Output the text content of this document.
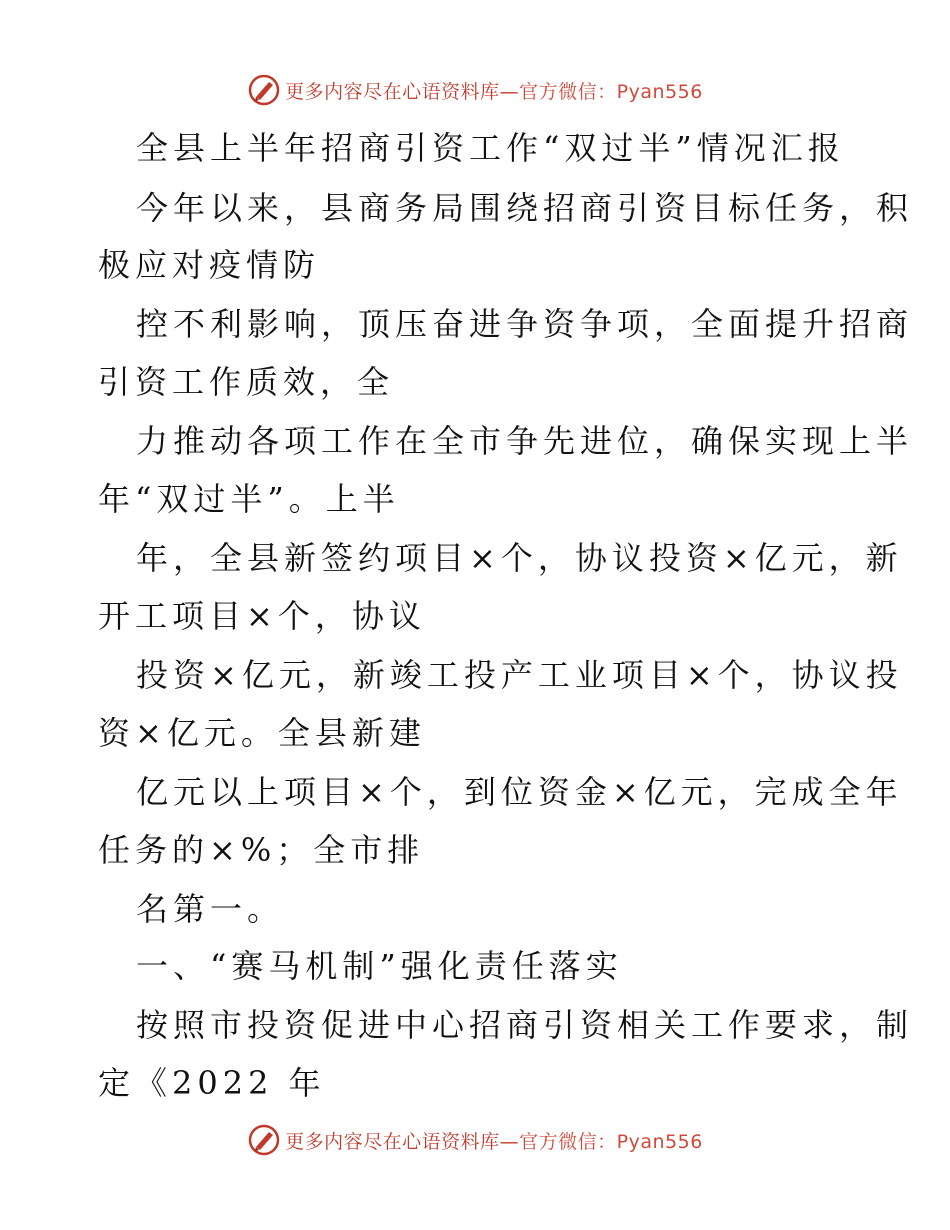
更多内容尽在心语资料库—官方微信：Pyan556
全县上半年招商引资工作“双过半”情况汇报
今年以来，县商务局围绕招商引资目标任务，积
极应对疫情防
控不利影响，顶压奋进争资争项，全面提升招商
引资工作质效，全
力推动各项工作在全市争先进位，确保实现上半
年“双过半”。上半
年，全县新签约项目×个，协议投资×亿元，新
开工项目×个，协议
投资×亿元，新竣工投产工业项目×个，协议投
资×亿元。全县新建
亿元以上项目×个，到位资金×亿元，完成全年
任务的×%；全市排
名第一。
一、“赛马机制”强化责任落实
按照市投资促进中心招商引资相关工作要求，制
定《2022 年
更多内容尽在心语资料库—官方微信：Pyan556
